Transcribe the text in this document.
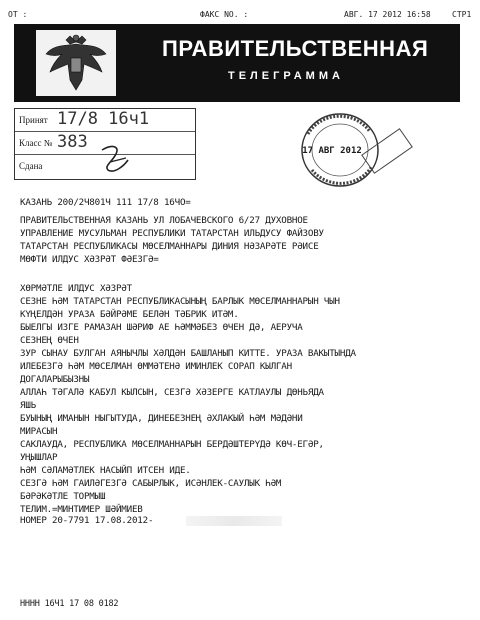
ОТ :	ФАКС NO. :	АВГ. 17 2012 16:58	СТР1
ПРАВИТЕЛЬСТВЕННАЯ
ТЕЛЕГРАММА
Принят 17/8 16ч1
Класс № 383
Сдана
17 АВГ 2012
КАЗАНЬ 200/2Ч801Ч 111 17/8 16ЧО=
ПРАВИТЕЛЬСТВЕННАЯ КАЗАНЬ УЛ ЛОБАЧЕВСКОГО 6/27 ДУХОВНОЕ
УПРАВЛЕНИЕ МУСУЛЬМАН РЕСПУБЛИКИ ТАТАРСТАН ИЛЬДУСУ ФАЙЗОВУ
ТАТАРСТАН РЕСПУБЛИКАСЫ МӨСЕЛМАННАРЫ ДИНИЯ НӘЗАРӘТЕ РӘИСЕ
МӨФТИ ИЛДУС ХӘЗРӘТ ФӘЕЗГӘ=
ХӨРМӘТЛЕ ИЛДУС ХӘЗРӘТ
СЕЗНЕ ҺӘМ ТАТАРСТАН РЕСПУБЛИКАСЫНЫҢ БАРЛЫК МӨСЕЛМАННАРЫН ЧЫН
КҮҢЕЛДӘН УРАЗА БӘЙРӘМЕ БЕЛӘН ТӘБРИК ИТӘМ.
БЫЕЛГЫ ИЗГЕ РАМАЗАН ШӘРИФ АЕ ҺӘММӘБЕЗ ӨЧЕН ДӘ, АЕРУЧА
СЕЗНЕҢ ӨЧЕН
ЗУР СЫНАУ БУЛГАН АЯНЫЧЛЫ ХӘЛДӘН БАШЛАНЫП КИТТЕ. УРАЗА ВАКЫТЫНДА
ИЛЕБЕЗГӘ ҺӘМ МӨСЕЛМАН ӨММӘТЕНӘ ИМИНЛЕК СОРАП КЫЛГАН
ДОГАЛАРЫБЫЗНЫ
АЛЛАҺ ТӘГАЛӘ КАБУЛ КЫЛСЫН, СЕЗГӘ ХӘЗЕРГЕ КАТЛАУЛЫ ДӨНЬЯДА
ЯШЬ
БУЫНЫҢ ИМАНЫН НЫГЫТУДА, ДИНЕБЕЗНЕҢ ӘХЛАКЫЙ ҺӘМ МӘДӘНИ
МИРАСЫН
САКЛАУДА, РЕСПУБЛИКА МӨСЕЛМАННАРЫН БЕРДӘШТЕРҮДӘ КӨЧ-ЕГӘР,
УҢЫШЛАР
ҺӘМ СӘЛАМӘТЛЕК НАСЫЙП ИТСЕН ИДЕ.
СЕЗГӘ ҺӘМ ГАИЛӘГЕЗГӘ САБЫРЛЫК, ИСӘНЛЕК-САУЛЫК ҺӘМ
БӘРӘКӘТЛЕ ТОРМЫШ
ТЕЛИМ.=МИНТИМЕР ШӘЙМИЕВ
НОМЕР 20-7791 17.08.2012-
НННН 16Ч1 17 08 0182
